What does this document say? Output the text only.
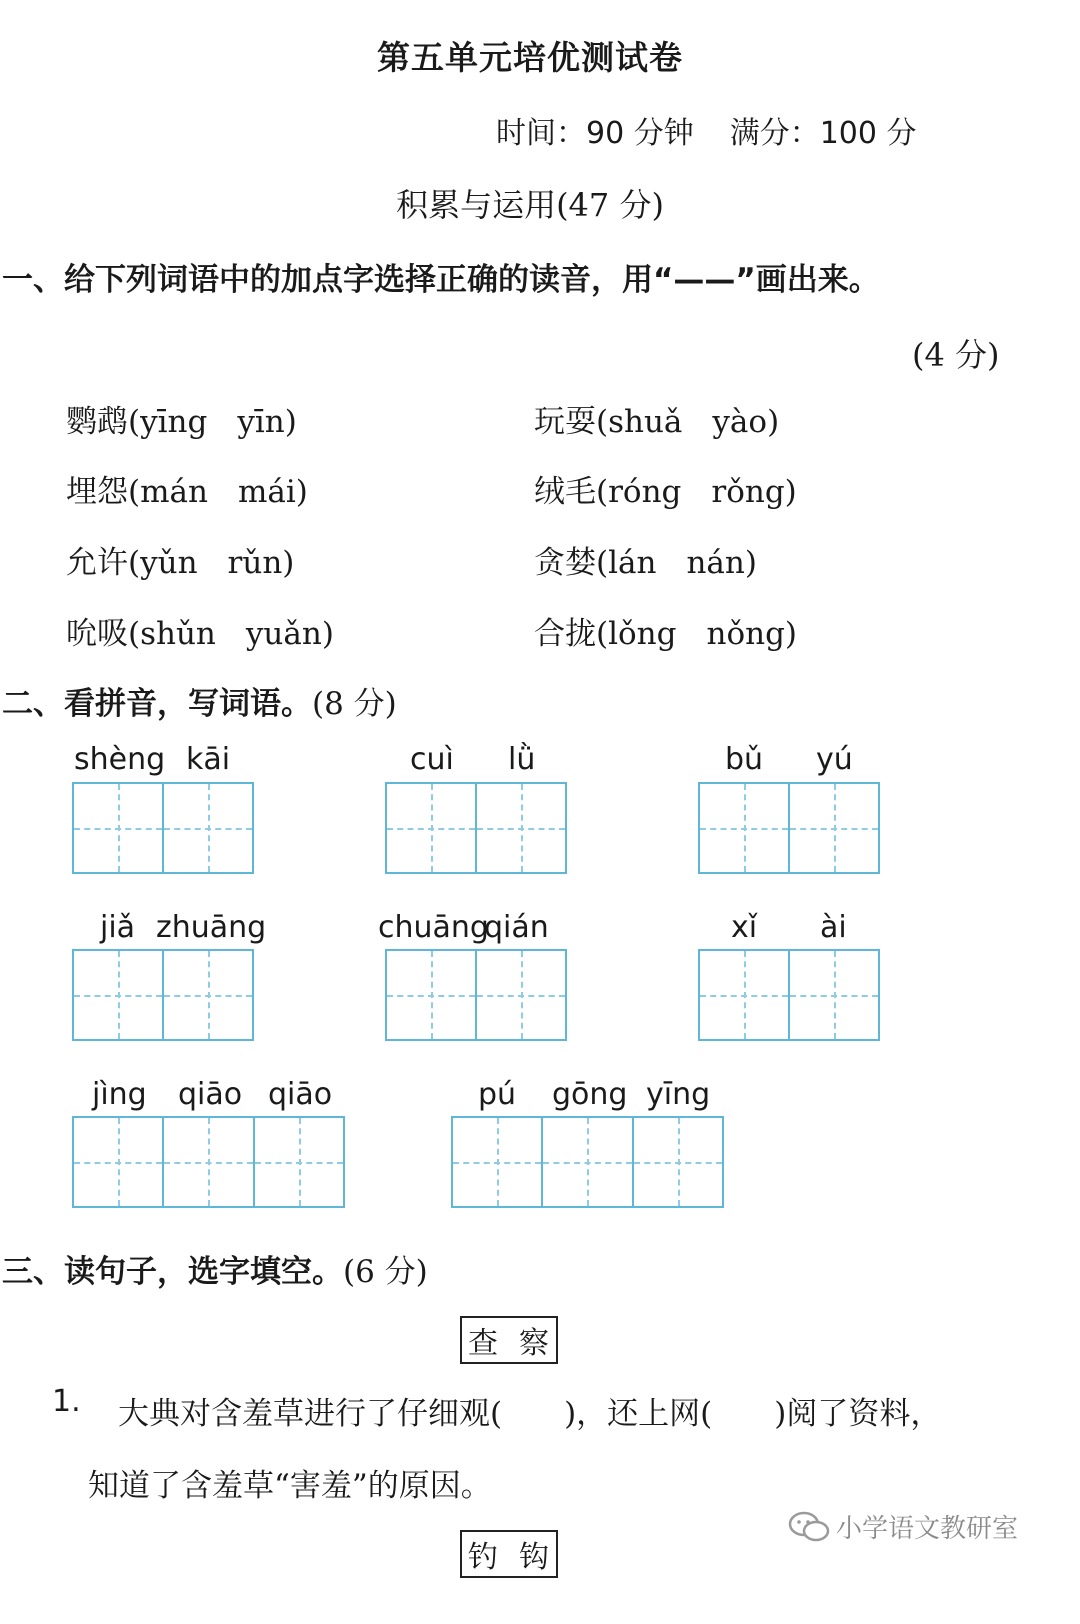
第五单元培优测试卷
时间：90 分钟 满分：100 分
积累与运用(47 分)
一、给下列词语中的加点字选择正确的读音，用“——”画出来。
(4 分)
鹦鹉(yīng yīn)	玩耍(shuǎ yào)
埋怨(mán mái)	绒毛(róng rǒng)
允许(yǔn rǔn)	贪婪(lán nán)
吮吸(shǔn yuǎn)	合拢(lǒng nǒng)
二、看拼音，写词语。(8 分)
shèng kāi	cuì lǜ	bǔ yú
jiǎ zhuāng	chuāng
qián	xǐ ài
jìng qiāo qiāo	pú gōng yīng
三、读句子，选字填空。(6 分)
查 察
1. 大典对含羞草进行了仔细观(　　)，还上网(　　)阅了资料，
知道了含羞草“害羞”的原因。
钓 钩
小学语文教研室
